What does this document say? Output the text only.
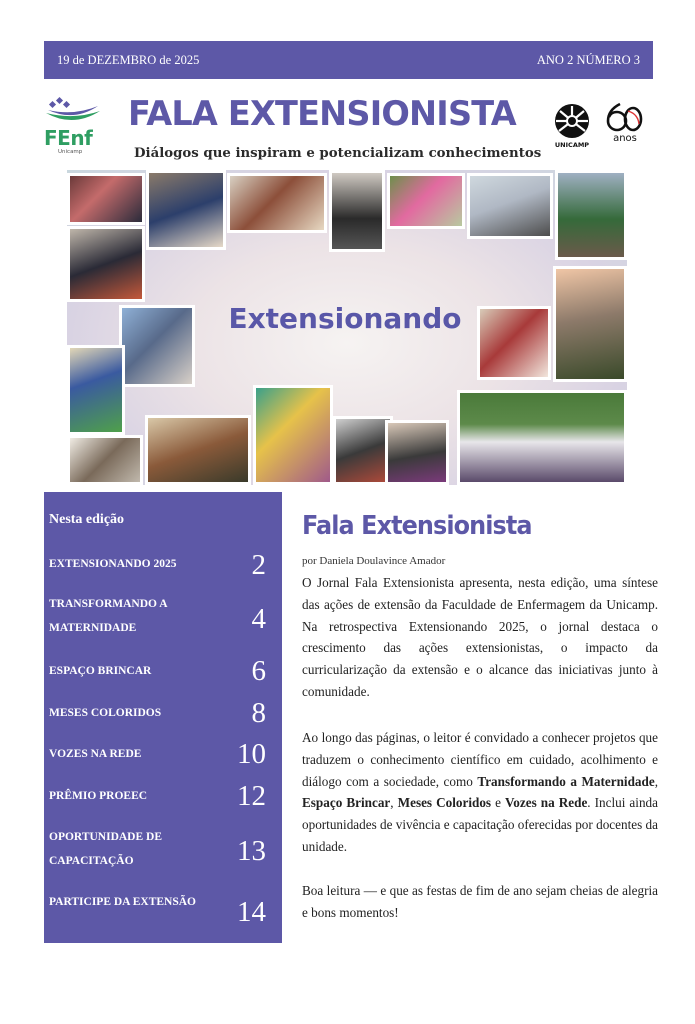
19 de DEZEMBRO de 2025	ANO 2 NÚMERO 3
FEnf
Unicamp
FALA EXTENSIONISTA
Diálogos que inspiram e potencializam conhecimentos
UNICAMP
anos
Extensionando
Nesta edição
EXTENSIONANDO 2025	2
TRANSFORMANDO A MATERNIDADE	4
ESPAÇO BRINCAR	6
MESES COLORIDOS	8
VOZES NA REDE	10
PRÊMIO PROEEC	12
OPORTUNIDADE DE CAPACITAÇÃO	13
PARTICIPE DA EXTENSÃO 14
Fala Extensionista
por Daniela Doulavince Amador

O Jornal Fala Extensionista apresenta, nesta edição, uma síntese das ações de extensão da Faculdade de Enfermagem da Unicamp. Na retrospectiva Extensionando 2025, o jornal destaca o crescimento das ações extensionistas, o impacto da curricularização da extensão e o alcance das iniciativas junto à comunidade.

Ao longo das páginas, o leitor é convidado a conhecer projetos que traduzem o conhecimento científico em cuidado, acolhimento e diálogo com a sociedade, como Transformando a Maternidade, Espaço Brincar, Meses Coloridos e Vozes na Rede. Inclui ainda oportunidades de vivência e capacitação oferecidas por docentes da unidade.

Boa leitura — e que as festas de fim de ano sejam cheias de alegria e bons momentos!
